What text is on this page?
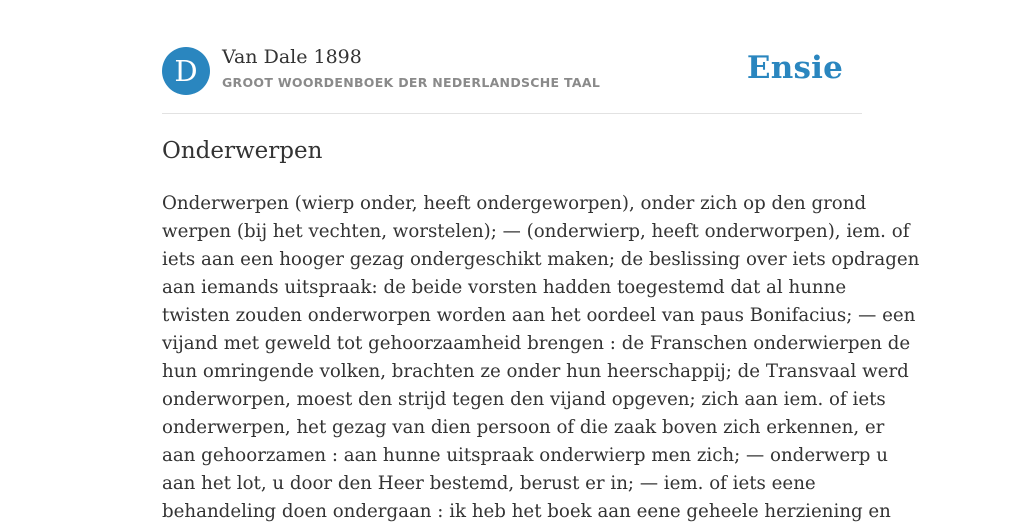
D	Van Dale 1898
GROOT WOORDENBOEK DER NEDERLANDSCHE TAAL	Ensie
Onderwerpen
Onderwerpen (wierp onder, heeft ondergeworpen), onder zich op den grond
werpen (bij het vechten, worstelen); — (onderwierp, heeft onderworpen), iem. of
iets aan een hooger gezag ondergeschikt maken; de beslissing over iets opdragen
aan iemands uitspraak: de beide vorsten hadden toegestemd dat al hunne
twisten zouden onderworpen worden aan het oordeel van paus Bonifacius; — een
vijand met geweld tot gehoorzaamheid brengen : de Franschen onderwierpen de
hun omringende volken, brachten ze onder hun heerschappij; de Transvaal werd
onderworpen, moest den strijd tegen den vijand opgeven; zich aan iem. of iets
onderwerpen, het gezag van dien persoon of die zaak boven zich erkennen, er
aan gehoorzamen : aan hunne uitspraak onderwierp men zich; — onderwerp u
aan het lot, u door den Heer bestemd, berust er in; — iem. of iets eene
behandeling doen ondergaan : ik heb het boek aan eene geheele herziening en
